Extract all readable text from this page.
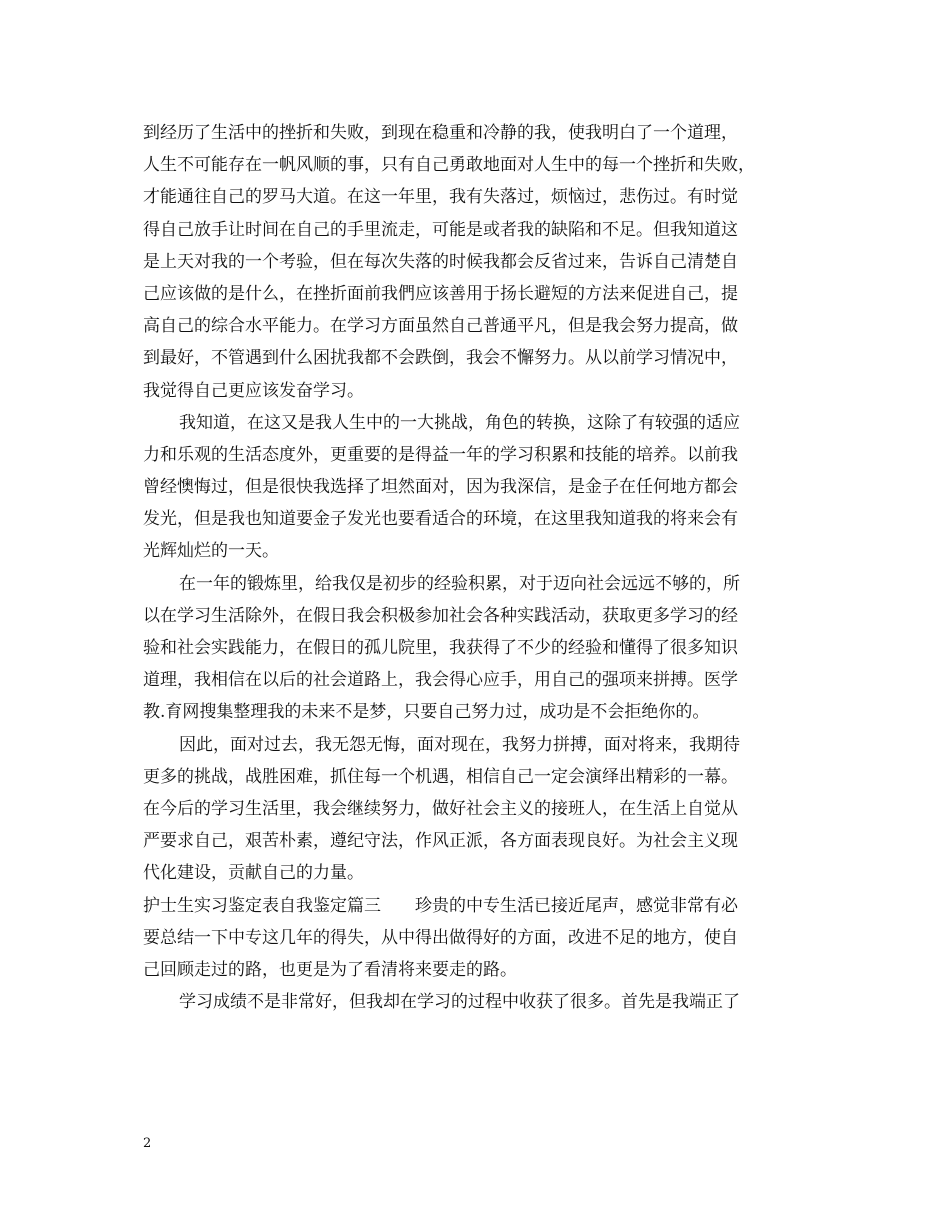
到经历了生活中的挫折和失败，到现在稳重和冷静的我，使我明白了一个道理，
人生不可能存在一帆风顺的事，只有自己勇敢地面对人生中的每一个挫折和失败，
才能通往自己的罗马大道。在这一年里，我有失落过，烦恼过，悲伤过。有时觉
得自己放手让时间在自己的手里流走，可能是或者我的缺陷和不足。但我知道这
是上天对我的一个考验，但在每次失落的时候我都会反省过来，告诉自己清楚自
己应该做的是什么，在挫折面前我們应该善用于扬长避短的方法来促进自己，提
高自己的综合水平能力。在学习方面虽然自己普通平凡，但是我会努力提高，做
到最好，不管遇到什么困扰我都不会跌倒，我会不懈努力。从以前学习情况中，
我觉得自己更应该发奋学习。
我知道，在这又是我人生中的一大挑战，角色的转换，这除了有较强的适应
力和乐观的生活态度外，更重要的是得益一年的学习积累和技能的培养。以前我
曾经懊悔过，但是很快我选择了坦然面对，因为我深信，是金子在任何地方都会
发光，但是我也知道要金子发光也要看适合的环境，在这里我知道我的将来会有
光辉灿烂的一天。
在一年的锻炼里，给我仅是初步的经验积累，对于迈向社会远远不够的，所
以在学习生活除外，在假日我会积极参加社会各种实践活动，获取更多学习的经
验和社会实践能力，在假日的孤儿院里，我获得了不少的经验和懂得了很多知识
道理，我相信在以后的社会道路上，我会得心应手，用自己的强项来拼搏。医学
教.育网搜集整理我的未来不是梦，只要自己努力过，成功是不会拒绝你的。
因此，面对过去，我无怨无悔，面对现在，我努力拼搏，面对将来，我期待
更多的挑战，战胜困难，抓住每一个机遇，相信自己一定会演绎出精彩的一幕。
在今后的学习生活里，我会继续努力，做好社会主义的接班人，在生活上自觉从
严要求自己，艰苦朴素，遵纪守法，作风正派，各方面表现良好。为社会主义现
代化建设，贡献自己的力量。
护士生实习鉴定表自我鉴定篇三　　珍贵的中专生活已接近尾声，感觉非常有必
要总结一下中专这几年的得失，从中得出做得好的方面，改进不足的地方，使自
己回顾走过的路，也更是为了看清将来要走的路。
学习成绩不是非常好，但我却在学习的过程中收获了很多。首先是我端正了
2
